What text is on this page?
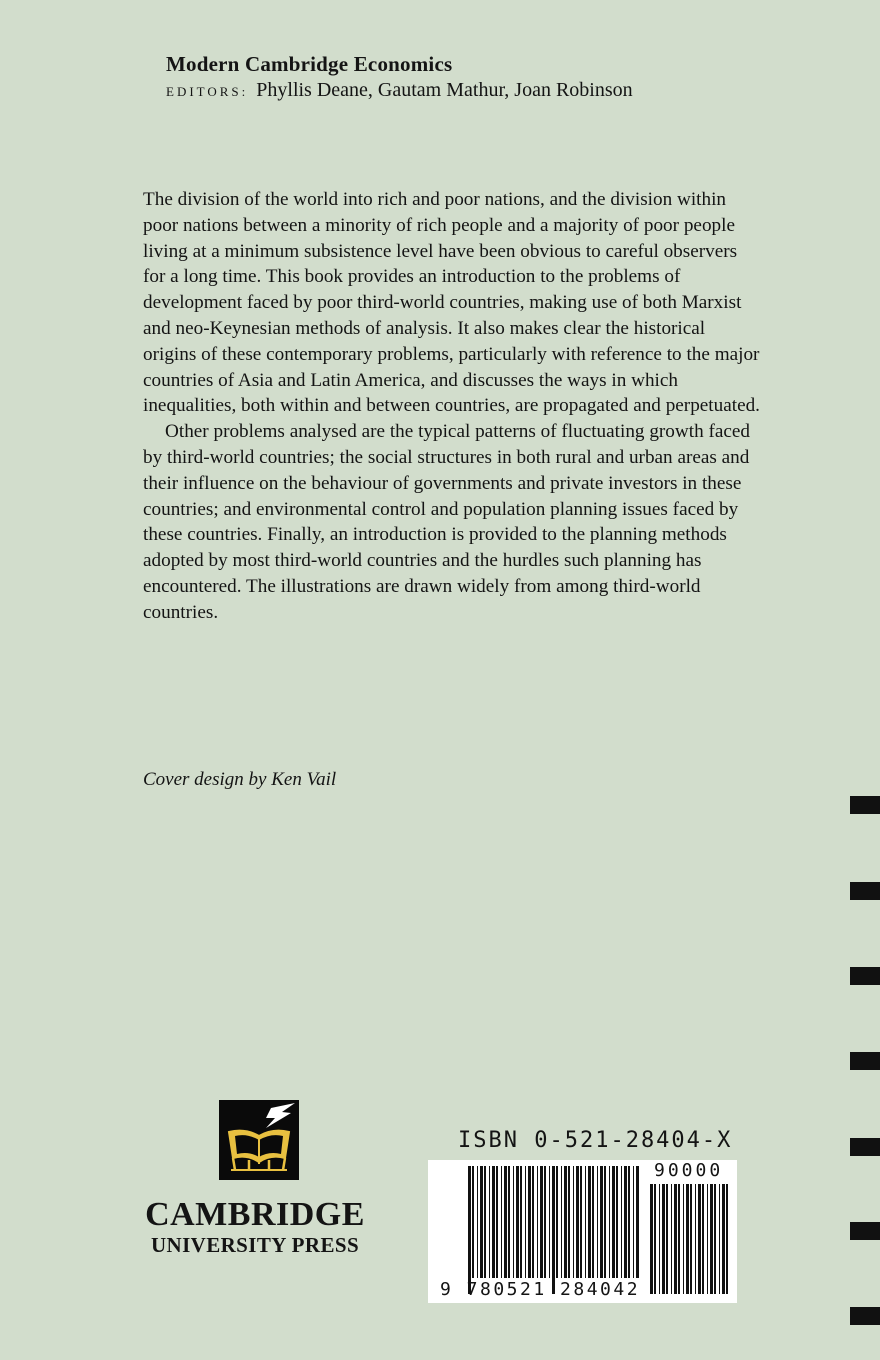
Modern Cambridge Economics
EDITORS: Phyllis Deane, Gautam Mathur, Joan Robinson

The division of the world into rich and poor nations, and the division within poor nations between a minority of rich people and a majority of poor people living at a minimum subsistence level have been obvious to careful observers for a long time. This book provides an introduction to the problems of development faced by poor third-world countries, making use of both Marxist and neo-Keynesian methods of analysis. It also makes clear the historical origins of these contemporary problems, particularly with reference to the major countries of Asia and Latin America, and discusses the ways in which inequalities, both within and between countries, are propagated and perpetuated.

Other problems analysed are the typical patterns of fluctuating growth faced by third-world countries; the social structures in both rural and urban areas and their influence on the behaviour of governments and private investors in these countries; and environmental control and population planning issues faced by these countries. Finally, an introduction is provided to the planning methods adopted by most third-world countries and the hurdles such planning has encountered. The illustrations are drawn widely from among third-world countries.

Cover design by Ken Vail
CAMBRIDGE
UNIVERSITY PRESS
ISBN 0-521-28404-X
9 780521 284042
90000
